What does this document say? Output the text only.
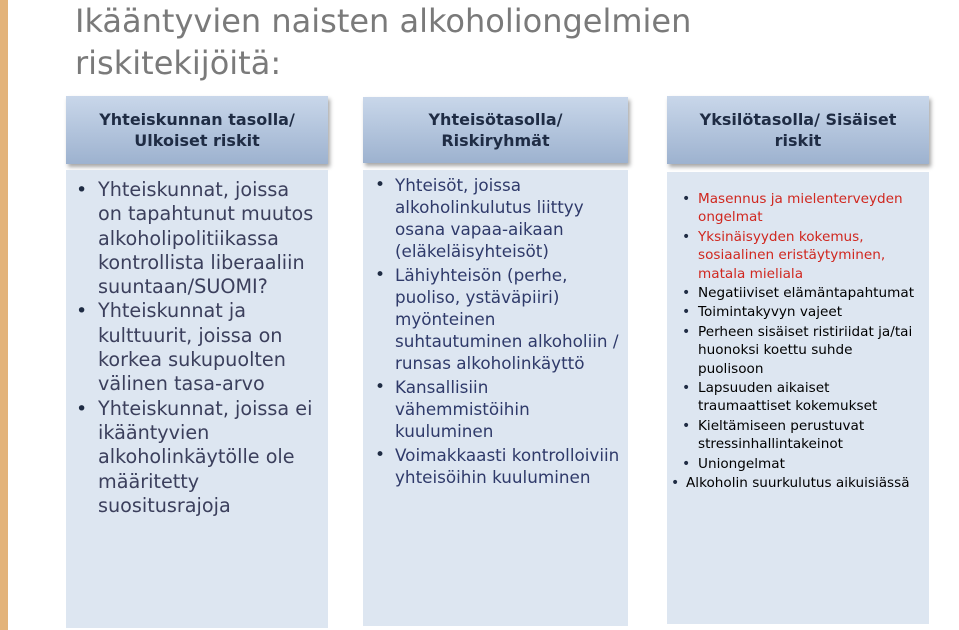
Ikääntyvien naisten alkoholiongelmien riskitekijöitä:
Yhteiskunnan tasolla/
Ulkoiset riskit
• Yhteiskunnat, joissa on tapahtunut muutos alkoholipolitiikassa kontrollista liberaaliin suuntaan/SUOMI?
• Yhteiskunnat ja kulttuurit, joissa on korkea sukupuolten välinen tasa-arvo
• Yhteiskunnat, joissa ei ikääntyvien alkoholinkäytölle ole määritetty suositusrajoja
Yhteisötasolla/
Riskiryhmät
• Yhteisöt, joissa alkoholinkulutus liittyy osana vapaa-aikaan (eläkeläisyhteisöt)
• Lähiyhteisön (perhe, puoliso, ystäväpiiri) myönteinen suhtautuminen alkoholiin / runsas alkoholinkäyttö
• Kansallisiin vähemmistöihin kuuluminen
• Voimakkaasti kontrolloiviin yhteisöihin kuuluminen
Yksilötasolla/ Sisäiset
riskit
• Masennus ja mielenterveyden ongelmat
• Yksinäisyyden kokemus, sosiaalinen eristäytyminen, matala mieliala
• Negatiiviset elämäntapahtumat
• Toimintakyvyn vajeet
• Perheen sisäiset ristiriidat ja/tai huonoksi koettu suhde puolisoon
• Lapsuuden aikaiset traumaattiset kokemukset
• Kieltämiseen perustuvat stressinhallintakeinot
• Uniongelmat
• Alkoholin suurkulutus aikuisiässä
